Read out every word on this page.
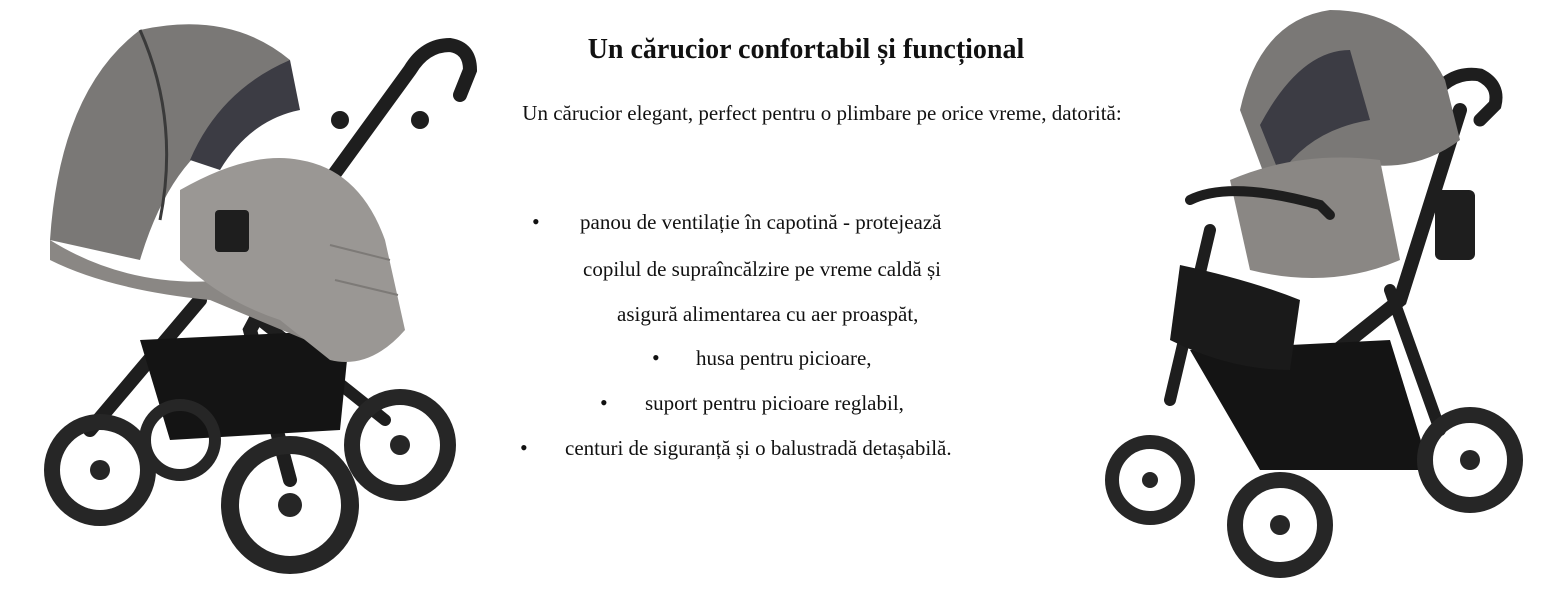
Un cărucior confortabil și funcțional

Un cărucior elegant, perfect pentru o plimbare pe orice vreme, datorită:

• panou de ventilație în capotină - protejează
copilul de supraîncălzire pe vreme caldă și
asigură alimentarea cu aer proaspăt,
• husa pentru picioare,
• suport pentru picioare reglabil,
• centuri de siguranță și o balustradă detașabilă.
